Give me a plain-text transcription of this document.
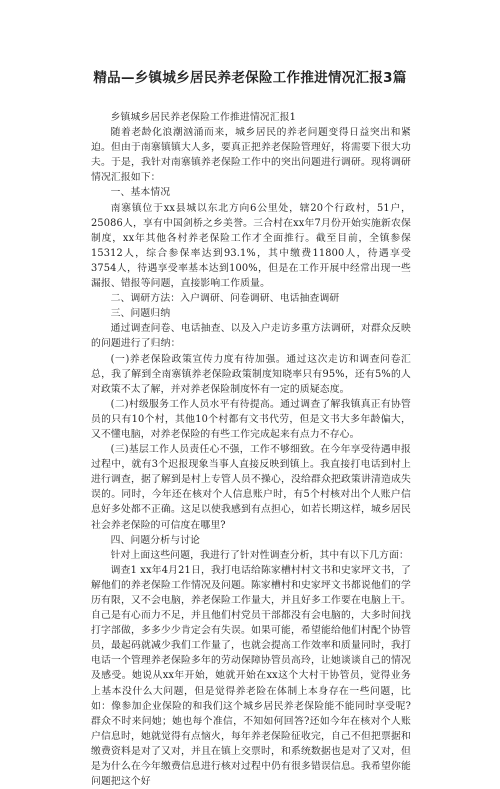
精品—乡镇城乡居民养老保险工作推进情况汇报3篇

乡镇城乡居民养老保险工作推进情况汇报1

随着老龄化浪潮汹涌而来，城乡居民的养老问题变得日益突出和紧迫。但由于南寨镇镇大人多，要真正把养老保险管理好，将需要下很大功夫。于是，我针对南寨镇养老保险工作中的突出问题进行调研。现将调研情况汇报如下：

一、基本情况

南寨镇位于xx县城以东北方向6公里处，辖20个行政村，51户，25086人，享有中国剑桥之乡美誉。三合村在xx年7月份开始实施新农保制度，xx年其他各村养老保险工作才全面推行。截至目前，全镇参保15312人，综合参保率达到93.1%，其中缴费11800人，待遇享受3754人，待遇享受率基本达到100%，但是在工作开展中经常出现一些漏报、错报等问题，直接影响工作质量。

二、调研方法：入户调研、问卷调研、电话抽查调研

三、问题归纳

通过调查问卷、电话抽查、以及入户走访多重方法调研，对群众反映的问题进行了归纳：

(一)养老保险政策宣传力度有待加强。通过这次走访和调查问卷汇总，我了解到全南寨镇养老保险政策制度知晓率只有95%，还有5%的人对政策不太了解，并对养老保险制度怀有一定的质疑态度。

(二)村级服务工作人员水平有待提高。通过调查了解我镇真正有协管员的只有10个村，其他10个村都有文书代劳，但是文书大多年龄偏大，又不懂电脑，对养老保险的有些工作完成起来有点力不存心。

(三)基层工作人员责任心不强，工作不够细致。在今年享受待遇申报过程中，就有3个迟报现象当事人直接反映到镇上。我直接打电话到村上进行调查，据了解到是村上专管人员不操心，没给群众把政策讲清造成失误的。同时，今年还在核对个人信息账户时，有5个村核对出个人账户信息好多处都不正确。这足以使我感到有点担心，如若长期这样，城乡居民社会养老保险的可信度在哪里?

四、问题分析与讨论

针对上面这些问题，我进行了针对性调查分析，其中有以下几方面：

调查1 xx年4月21日，我打电话给陈家槽村村文书和史家坪文书，了解他们的养老保险工作情况及问题。陈家槽村和史家坪文书都说他们的学历有限，又不会电脑，养老保险工作量大，并且好多工作要在电脑上干。自己是有心而力不足，并且他们村党员干部都没有会电脑的，大多时间找打字部做，多多少少肯定会有失误。如果可能，希望能给他们村配个协管员，最起码就减少我们工作量了，也就会提高工作效率和质量同时，我打电话一个管理养老保险多年的劳动保障协管员高玲，让她谈谈自己的情况及感受。她说从xx年开始，她就开始在xx这个大村干协管员，觉得业务上基本没什么大问题，但是觉得养老险在体制上本身存在一些问题，比如：像参加企业保险的和我们这个城乡居民养老保险能不能同时享受呢?群众不时来问她；她也每个准信，不知如何回答?还如今年在核对个人账户信息时，她就觉得有点恼火，每年养老保险征收完，自己不但把票据和缴费资料是对了又对，并且在镇上交票时，和系统数据也是对了又对，但是为什么在今年缴费信息进行核对过程中仍有很多错误信息。我希望你能问题把这个好
